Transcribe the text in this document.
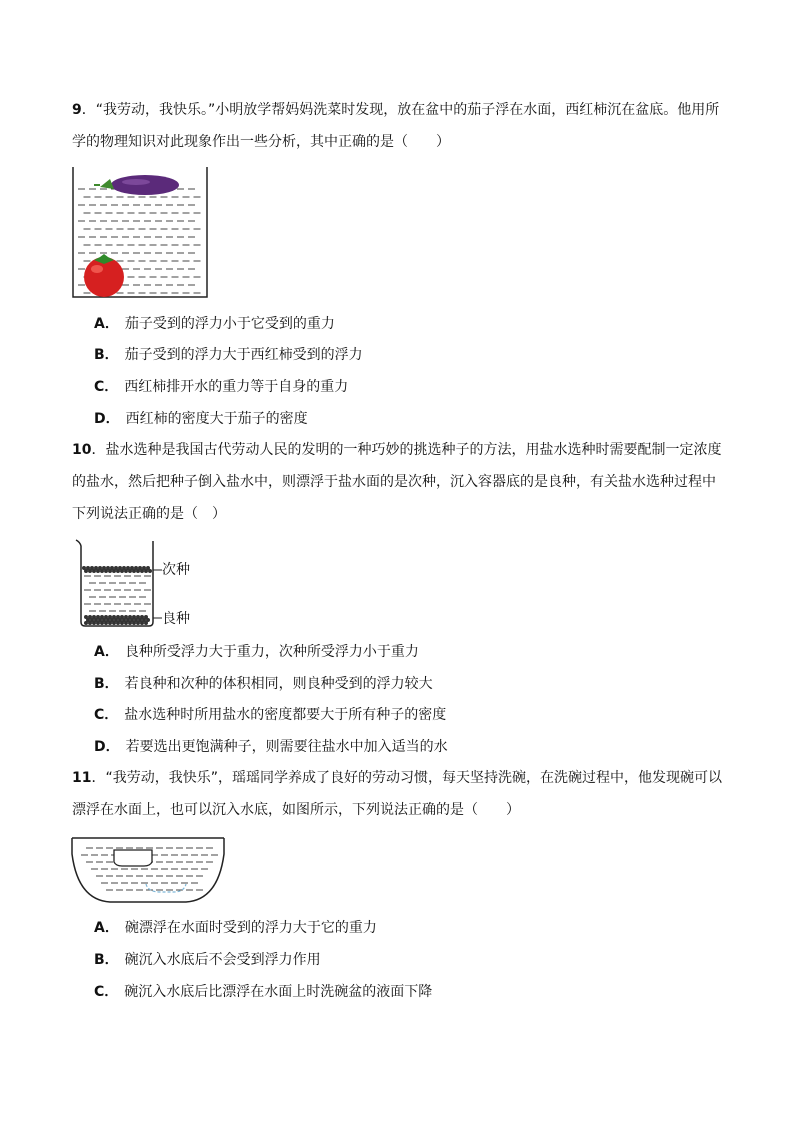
9．“我劳动，我快乐。”小明放学帮妈妈洗菜时发现，放在盆中的茄子浮在水面，西红柿沉在盆底。他用所学的物理知识对此现象作出一些分析，其中正确的是（　　）

A． 茄子受到的浮力小于它受到的重力
B． 茄子受到的浮力大于西红柿受到的浮力
C． 西红柿排开水的重力等于自身的重力
D． 西红柿的密度大于茄子的密度

10．盐水选种是我国古代劳动人民的发明的一种巧妙的挑选种子的方法，用盐水选种时需要配制一定浓度的盐水，然后把种子倒入盐水中，则漂浮于盐水面的是次种，沉入容器底的是良种，有关盐水选种过程中下列说法正确的是（　）

次种
良种
A． 良种所受浮力大于重力，次种所受浮力小于重力
B． 若良种和次种的体积相同，则良种受到的浮力较大
C． 盐水选种时所用盐水的密度都要大于所有种子的密度
D． 若要选出更饱满种子，则需要往盐水中加入适当的水

11．“我劳动，我快乐”，瑶瑶同学养成了良好的劳动习惯，每天坚持洗碗，在洗碗过程中，他发现碗可以漂浮在水面上，也可以沉入水底，如图所示，下列说法正确的是（　　）

A． 碗漂浮在水面时受到的浮力大于它的重力
B． 碗沉入水底后不会受到浮力作用
C． 碗沉入水底后比漂浮在水面上时洗碗盆的液面下降
